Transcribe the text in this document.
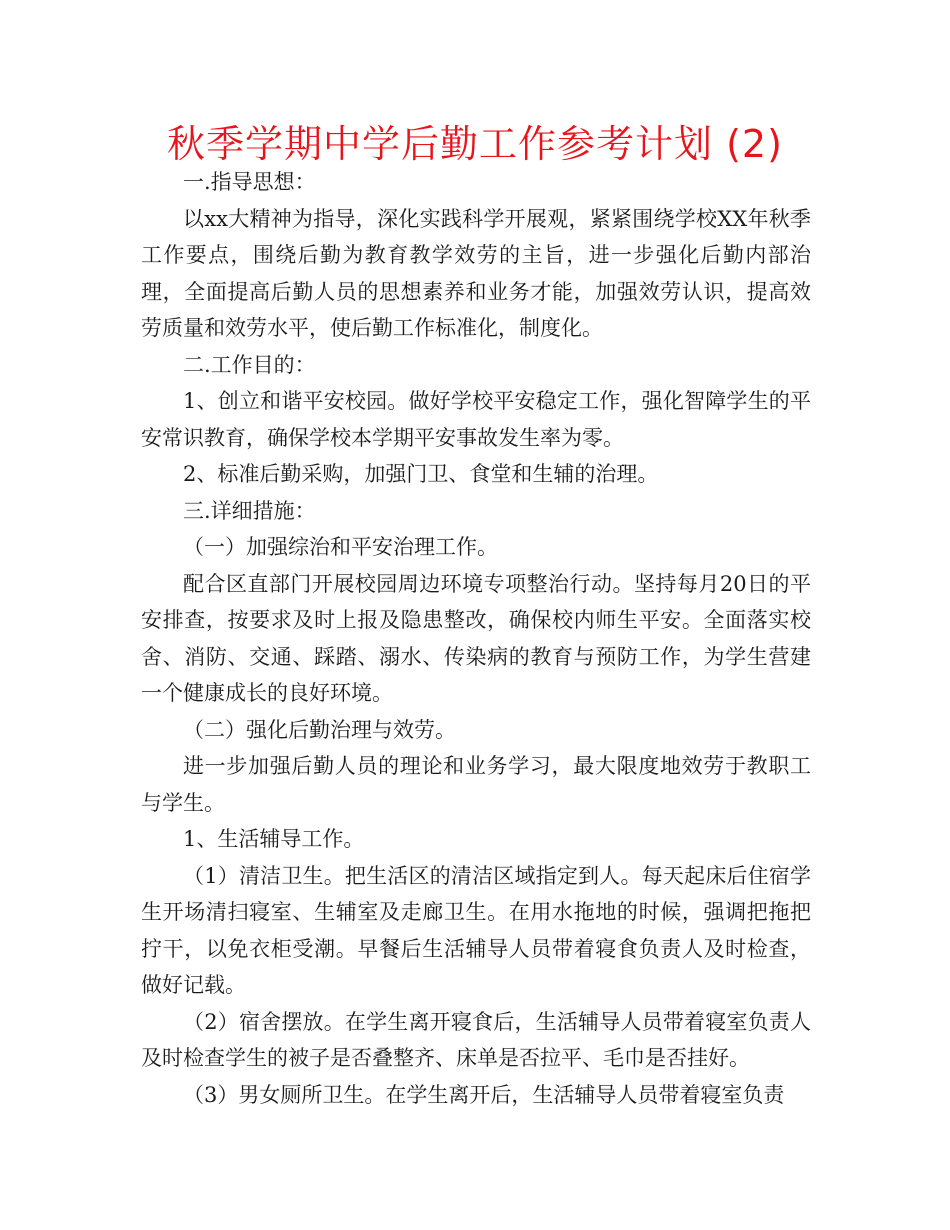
秋季学期中学后勤工作参考计划 (2)

一.指导思想：

以xx大精神为指导，深化实践科学开展观，紧紧围绕学校XX年秋季工作要点，围绕后勤为教育教学效劳的主旨，进一步强化后勤内部治理，全面提高后勤人员的思想素养和业务才能，加强效劳认识，提高效劳质量和效劳水平，使后勤工作标准化，制度化。

二.工作目的：

1、创立和谐平安校园。做好学校平安稳定工作，强化智障学生的平安常识教育，确保学校本学期平安事故发生率为零。

2、标准后勤采购，加强门卫、食堂和生辅的治理。

三.详细措施：

（一）加强综治和平安治理工作。

配合区直部门开展校园周边环境专项整治行动。坚持每月20日的平安排查，按要求及时上报及隐患整改，确保校内师生平安。全面落实校舍、消防、交通、踩踏、溺水、传染病的教育与预防工作，为学生营建一个健康成长的良好环境。

（二）强化后勤治理与效劳。

进一步加强后勤人员的理论和业务学习，最大限度地效劳于教职工与学生。

1、生活辅导工作。

（1）清洁卫生。把生活区的清洁区域指定到人。每天起床后住宿学生开场清扫寝室、生辅室及走廊卫生。在用水拖地的时候，强调把拖把拧干，以免衣柜受潮。早餐后生活辅导人员带着寝食负责人及时检查，做好记载。

（2）宿舍摆放。在学生离开寝食后，生活辅导人员带着寝室负责人及时检查学生的被子是否叠整齐、床单是否拉平、毛巾是否挂好。

（3）男女厕所卫生。在学生离开后，生活辅导人员带着寝室负责
